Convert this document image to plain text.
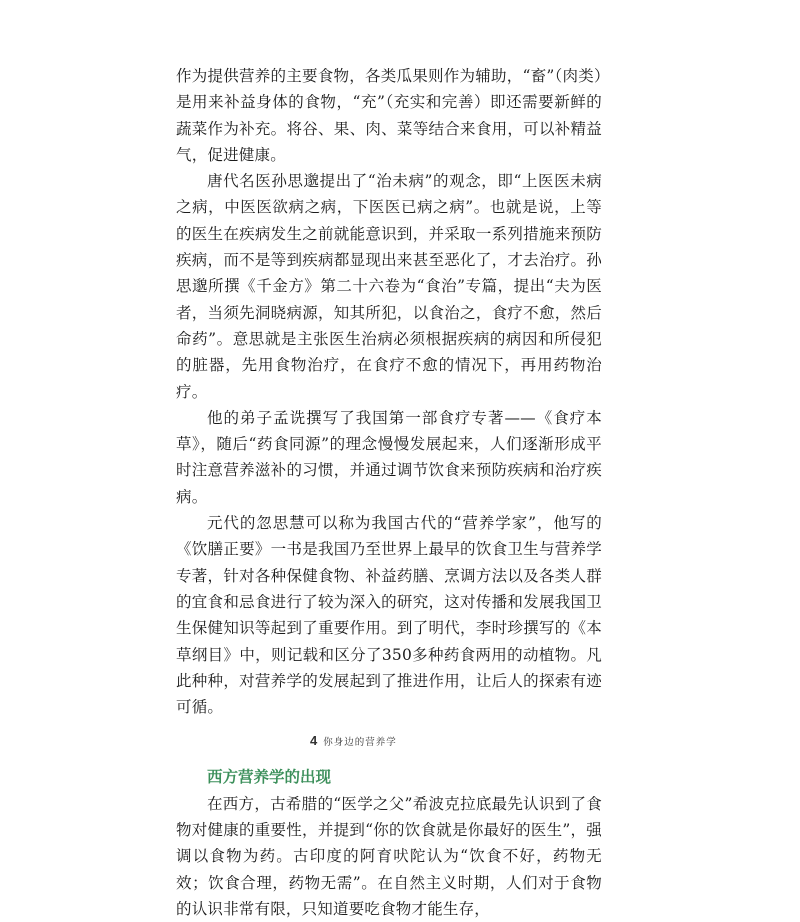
作为提供营养的主要食物，各类瓜果则作为辅助，“畜”（肉类）是用来补益身体的食物，“充”（充实和完善）即还需要新鲜的蔬菜作为补充。将谷、果、肉、菜等结合来食用，可以补精益气，促进健康。

唐代名医孙思邈提出了“治未病”的观念，即“上医医未病之病，中医医欲病之病，下医医已病之病”。也就是说，上等的医生在疾病发生之前就能意识到，并采取一系列措施来预防疾病，而不是等到疾病都显现出来甚至恶化了，才去治疗。孙思邈所撰《千金方》第二十六卷为“食治”专篇，提出“夫为医者，当须先洞晓病源，知其所犯，以食治之，食疗不愈，然后命药”。意思就是主张医生治病必须根据疾病的病因和所侵犯的脏器，先用食物治疗，在食疗不愈的情况下，再用药物治疗。

他的弟子孟诜撰写了我国第一部食疗专著——《食疗本草》，随后“药食同源”的理念慢慢发展起来，人们逐渐形成平时注意营养滋补的习惯，并通过调节饮食来预防疾病和治疗疾病。

元代的忽思慧可以称为我国古代的“营养学家”，他写的《饮膳正要》一书是我国乃至世界上最早的饮食卫生与营养学专著，针对各种保健食物、补益药膳、烹调方法以及各类人群的宜食和忌食进行了较为深入的研究，这对传播和发展我国卫生保健知识等起到了重要作用。到了明代，李时珍撰写的《本草纲目》中，则记载和区分了350多种药食两用的动植物。凡此种种，对营养学的发展起到了推进作用，让后人的探索有迹可循。

西方营养学的出现

在西方，古希腊的“医学之父”希波克拉底最先认识到了食物对健康的重要性，并提到“你的饮食就是你最好的医生”，强调以食物为药。古印度的阿育吠陀认为“饮食不好，药物无效；饮食合理，药物无需”。在自然主义时期，人们对于食物的认识非常有限，只知道要吃食物才能生存，

4 你身边的营养学
